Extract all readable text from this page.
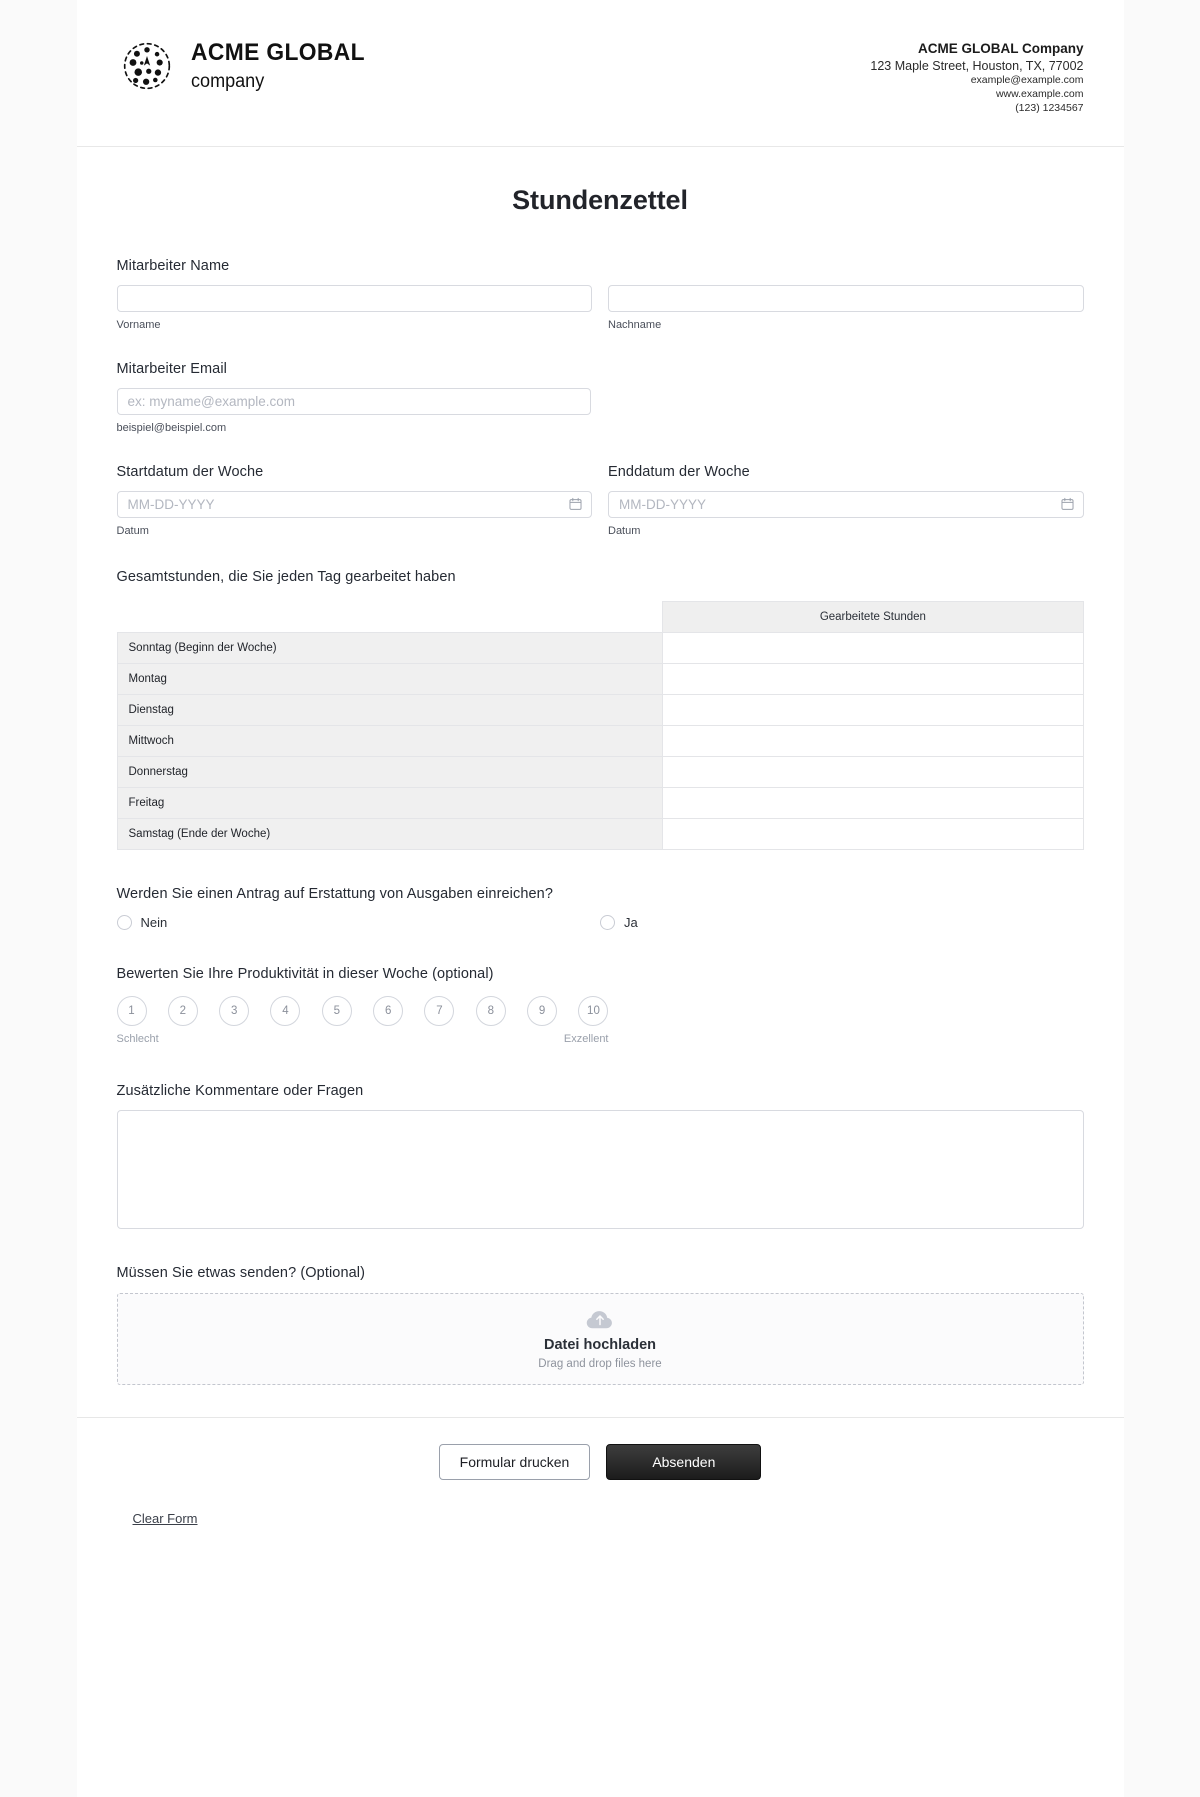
ACME GLOBAL
company
ACME GLOBAL Company
123 Maple Street, Houston, TX, 77002
example@example.com
www.example.com
(123) 1234567
Stundenzettel
Mitarbeiter Name
Vorname	Nachname
Mitarbeiter Email
ex: myname@example.com
beispiel@beispiel.com
Startdatum der Woche
MM-DD-YYYY
Datum
Enddatum der Woche
MM-DD-YYYY
Datum
Gesamtstunden, die Sie jeden Tag gearbeitet haben
	Gearbeitete Stunden
Sonntag (Beginn der Woche)	
Montag	
Dienstag	
Mittwoch	
Donnerstag	
Freitag	
Samstag (Ende der Woche)	
Werden Sie einen Antrag auf Erstattung von Ausgaben einreichen?
Nein	Ja
Bewerten Sie Ihre Produktivität in dieser Woche (optional)
1	2	3	4	5	6	7	8	9	10
Schlecht	Exzellent
Zusätzliche Kommentare oder Fragen
Müssen Sie etwas senden? (Optional)
Datei hochladen
Drag and drop files here
Formular drucken	Absenden
Clear Form
